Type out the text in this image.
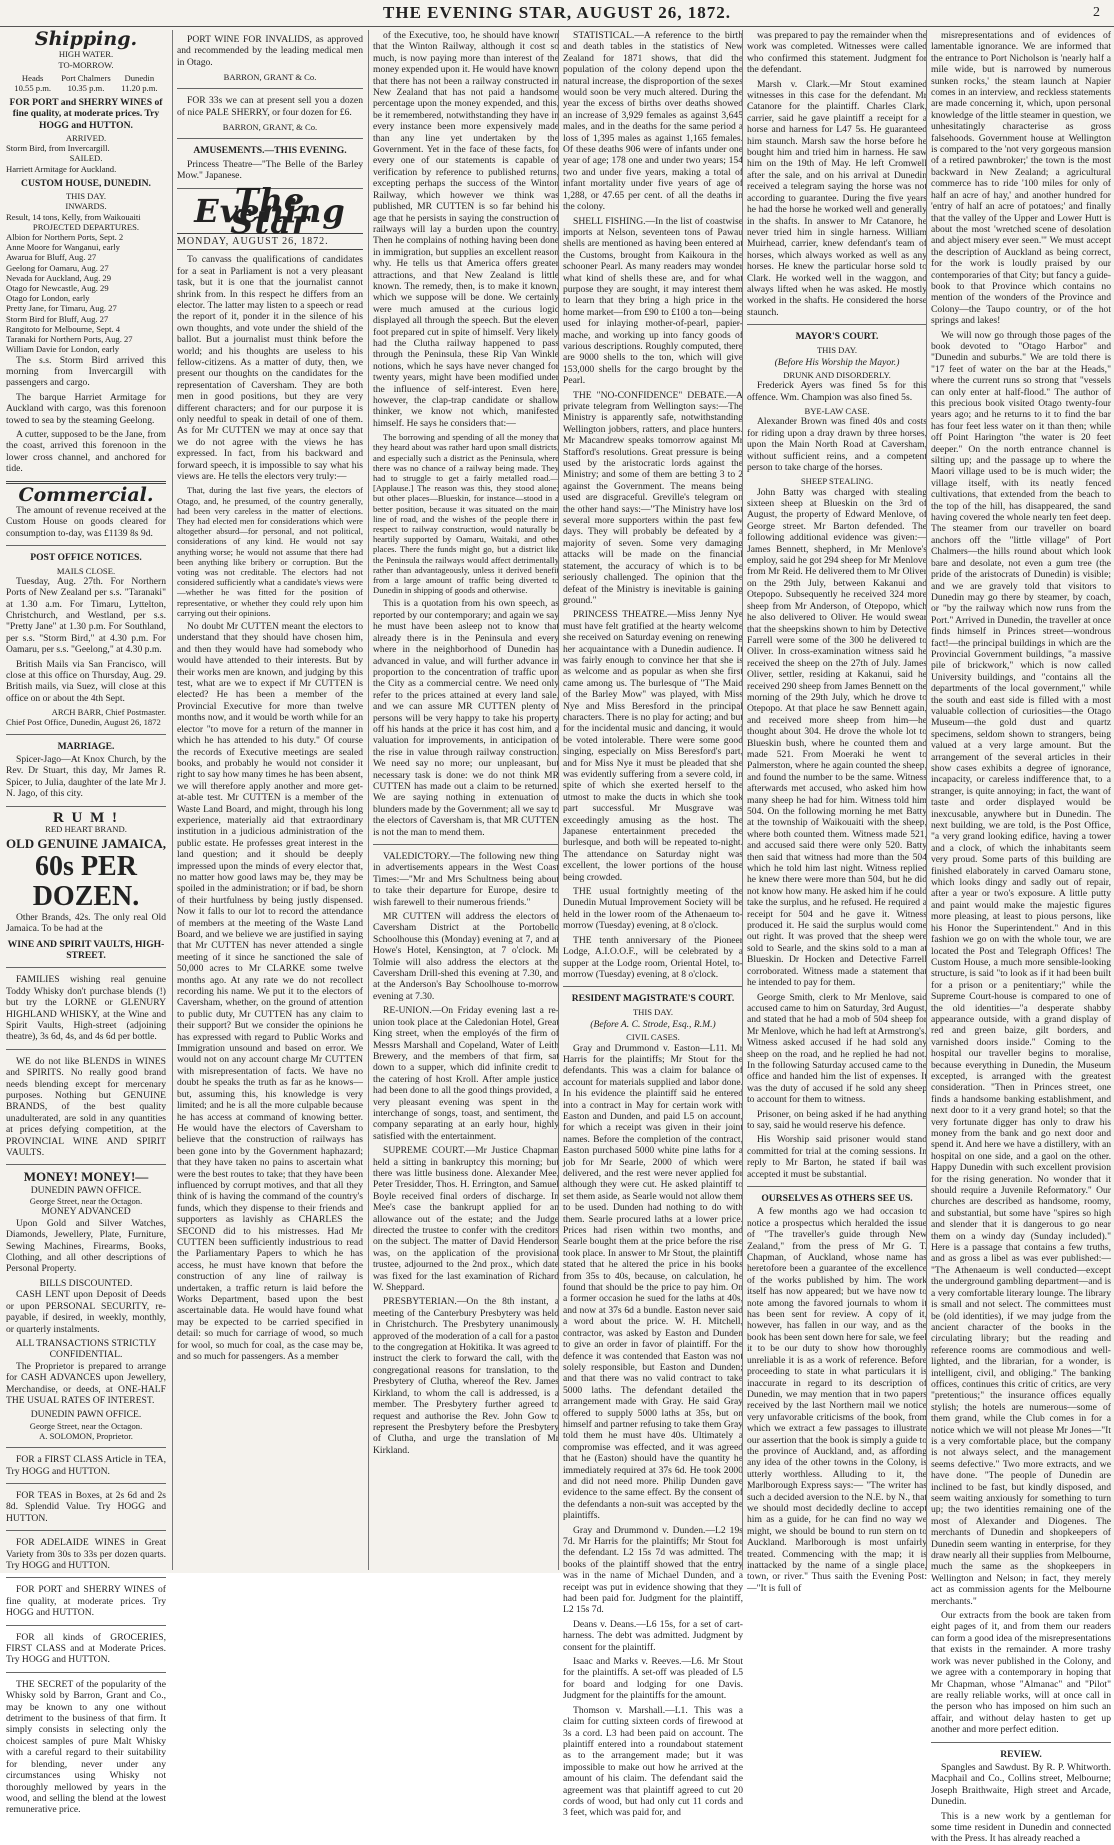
THE EVENING STAR, AUGUST 26, 1872.	2
Shipping.
HIGH WATER.
TO-MORROW.
Heads
10.55 p.m.
Port Chalmers
10.35 p.m.
Dunedin
11.20 p.m.
FOR PORT and SHERRY WINES of fine quality, at moderate prices. Try HOGG and HUTTON.
ARRIVED.
Storm Bird, from Invercargill.
SAILED.
Harriett Armitage for Auckland.
CUSTOM HOUSE, DUNEDIN.
THIS DAY.
INWARDS.
Result, 14 tons, Kelly, from Waikouaiti
PROJECTED DEPARTURES.
Albion for Northern Ports, Sept. 2
Anne Moore for Wanganui, early
Awarua for Bluff, Aug. 27
Geelong for Oamaru, Aug. 27
Nevada for Auckland, Aug. 29
Otago for Newcastle, Aug. 29
Otago for London, early
Pretty Jane, for Timaru, Aug. 27
Storm Bird for Bluff, Aug. 27
Rangitoto for Melbourne, Sept. 4
Taranaki for Northern Ports, Aug. 27
William Davie for London, early

The s.s. Storm Bird arrived this morning from Invercargill with passengers and cargo.

The barque Harriet Armitage for Auckland with cargo, was this forenoon towed to sea by the steaming Geelong.

A cutter, supposed to be the Jane, from the coast, arrived this forenoon in the lower cross channel, and anchored for tide.

Commercial.

The amount of revenue received at the Custom House on goods cleared for consumption to-day, was £1139 8s 9d.

POST OFFICE NOTICES.
MAILS CLOSE.

Tuesday, Aug. 27th. For Northern Ports of New Zealand per s.s. "Taranaki" at 1.30 a.m. For Timaru, Lyttelton, Christchurch, and Westland, per s.s. "Pretty Jane" at 1.30 p.m. For Southland, per s.s. "Storm Bird," at 4.30 p.m. For Oamaru, per s.s. "Geelong," at 4.30 p.m.

British Mails via San Francisco, will close at this office on Thursday, Aug. 29. British mails, via Suez, will close at this office on or about the 4th Sept.

ARCH BARR, Chief Postmaster.
Chief Post Office, Dunedin, August 26, 1872
MARRIAGE.

Spicer-Jago—At Knox Church, by the Rev. Dr Stuart, this day, Mr James R. Spicer, to Julia, daughter of the late Mr J. N. Jago, of this city.

R U M !
RED HEART BRAND.
OLD GENUINE JAMAICA,
60s PER DOZEN.

Other Brands, 42s. The only real Old Jamaica. To be had at the

WINE AND SPIRIT VAULTS, HIGH-STREET.

FAMILIES wishing real genuine Toddy Whisky don't purchase blends (!) but try the LORNE or GLENURY HIGHLAND WHISKY, at the Wine and Spirit Vaults, High-street (adjoining theatre), 3s 6d, 4s, and 4s 6d per bottle.

WE do not like BLENDS in WINES and SPIRITS. No really good brand needs blending except for mercenary purposes. Nothing but GENUINE BRANDS, of the best quality unadulterated, are sold in any quantities at prices defying competition, at the PROVINCIAL WINE AND SPIRIT VAULTS.

MONEY! MONEY!—
DUNEDIN PAWN OFFICE.
George Street, near the Octagon.
MONEY ADVANCED

Upon Gold and Silver Watches, Diamonds, Jewellery, Plate, Furniture, Sewing Machines, Firearms, Books, Clothing, and all other descriptions of Personal Property.

BILLS DISCOUNTED.

CASH LENT upon Deposit of Deeds or upon PERSONAL SECURITY, re-payable, if desired, in weekly, monthly, or quarterly instalments.

ALL TRANSACTIONS STRICTLY CONFIDENTIAL.

The Proprietor is prepared to arrange for CASH ADVANCES upon Jewellery, Merchandise, or deeds, at ONE-HALF THE USUAL RATES OF INTEREST.

DUNEDIN PAWN OFFICE.
George Street, near the Octagon.
A. SOLOMON, Proprietor.

FOR a FIRST CLASS Article in TEA, Try HOGG and HUTTON.

FOR TEAS in Boxes, at 2s 6d and 2s 8d. Splendid Value. Try HOGG and HUTTON.

FOR ADELAIDE WINES in Great Variety from 30s to 33s per dozen quarts. Try HOGG and HUTTON.

FOR PORT and SHERRY WINES of fine quality, at moderate prices. Try HOGG and HUTTON.

FOR all kinds of GROCERIES, FIRST CLASS and at Moderate Prices. Try HOGG and HUTTON.

THE SECRET of the popularity of the Whisky sold by Barron, Grant and Co., may be known to any one without detriment to the business of that firm. It simply consists in selecting only the choicest samples of pure Malt Whisky with a careful regard to their suitability for blending, never under any circumstances using Whisky not thoroughly mellowed by years in the wood, and selling the blend at the lowest remunerative price.

PORT WINE FOR INVALIDS, as approved and recommended by the leading medical men in Otago.

BARRON, GRANT & Co.

FOR 33s we can at present sell you a dozen of nice PALE SHERRY, or four dozen for £6.

BARRON, GRANT, & Co.
AMUSEMENTS.—THIS EVENING.

Princess Theatre—"The Belle of the Barley Mow." Japanese.

The Evening Star
MONDAY, AUGUST 26, 1872.

To canvass the qualifications of candidates for a seat in Parliament is not a very pleasant task, but it is one that the journalist cannot shrink from. In this respect he differs from an elector. The latter may listen to a speech or read the report of it, ponder it in the silence of his own thoughts, and vote under the shield of the ballot. But a journalist must think before the world; and his thoughts are useless to his fellow-citizens. As a matter of duty, then, we present our thoughts on the candidates for the representation of Caversham. They are both men in good positions, but they are very different characters; and for our purpose it is only needful to speak in detail of one of them. As for Mr CUTTEN we may at once say that we do not agree with the views he has expressed. In fact, from his backward and forward speech, it is impossible to say what his views are. He tells the electors very truly:—

That, during the last five years, the electors of Otago, and, he presumed, of the country generally, had been very careless in the matter of elections. They had elected men for considerations which were altogether absurd—for personal, and not political, considerations of any kind. He would not say anything worse; he would not assume that there had been anything like bribery or corruption. But the voting was not creditable. The electors had not considered sufficiently what a candidate's views were—whether he was fitted for the position of representative, or whether they could rely upon him carrying out their opinions.

No doubt Mr CUTTEN meant the electors to understand that they should have chosen him, and then they would have had somebody who would have attended to their interests. But by their works men are known, and judging by this test, what are we to expect if Mr CUTTEN is elected? He has been a member of the Provincial Executive for more than twelve months now, and it would be worth while for an elector "to move for a return of the manner in which he has attended to his duty." Of course the records of Executive meetings are sealed books, and probably he would not consider it right to say how many times he has been absent, we will therefore apply another and more get-at-able test. Mr CUTTEN is a member of the Waste Land Board, and might, through his long experience, materially aid that extraordinary institution in a judicious administration of the public estate. He professes great interest in the land question; and it should be deeply impressed upon the minds of every elector that, no matter how good laws may be, they may be spoiled in the administration; or if bad, be shorn of their hurtfulness by being justly dispensed. Now it falls to our lot to record the attendance of members at the meeting of the Waste Land Board, and we believe we are justified in saying that Mr CUTTEN has never attended a single meeting of it since he sanctioned the sale of 50,000 acres to Mr CLARKE some twelve months ago. At any rate we do not recollect recording his name. We put it to the electors of Caversham, whether, on the ground of attention to public duty, Mr CUTTEN has any claim to their support? But we consider the opinions he has expressed with regard to Public Works and Immigration unsound and based on error. We would not on any account charge Mr CUTTEN with misrepresentation of facts. We have no doubt he speaks the truth as far as he knows—but, assuming this, his knowledge is very limited; and he is all the more culpable because he has access at command of knowing better. He would have the electors of Caversham to believe that the construction of railways has been gone into by the Government haphazard; that they have taken no pains to ascertain what were the best routes to take; that they have been influenced by corrupt motives, and that all they think of is having the command of the country's funds, which they dispense to their friends and supporters as lavishly as CHARLES the SECOND did to his mistresses. Had Mr CUTTEN been sufficiently industrious to read the Parliamentary Papers to which he has access, he must have known that before the construction of any line of railway is undertaken, a traffic return is laid before the Works Department, based upon the best ascertainable data. He would have found what may be expected to be carried specified in detail: so much for carriage of wood, so much for wool, so much for coal, as the case may be, and so much for passengers. As a member

of the Executive, too, he should have known that the Winton Railway, although it cost so much, is now paying more than interest of the money expended upon it. He would have known that there has not been a railway constructed in New Zealand that has not paid a handsome percentage upon the money expended, and this, be it remembered, notwithstanding they have in every instance been more expensively made than any line yet undertaken by the Government. Yet in the face of these facts, for every one of our statements is capable of verification by reference to published returns, excepting perhaps the success of the Winton Railway, which however we think was published, MR CUTTEN is so far behind his age that he persists in saying the construction of railways will lay a burden upon the country. Then he complains of nothing having been done in immigration, but supplies an excellent reason why. He tells us that America offers greater attractions, and that New Zealand is little known. The remedy, then, is to make it known, which we suppose will be done. We certainly were much amused at the curious logic displayed all through the speech. But the eleven foot prepared cut in spite of himself. Very likely had the Clutha railway happened to pass through the Peninsula, these Rip Van Winkle notions, which he says have never changed for twenty years, might have been modified under the influence of self-interest. Even here, however, the clap-trap candidate or shallow thinker, we know not which, manifested himself. He says he considers that:—

The borrowing and spending of all the money that they heard about was rather hard upon small districts, and especially such a district as the Peninsula, where there was no chance of a railway being made. They had to struggle to get a fairly metalled road.—[Applause.] The reason was this, they stood alone; but other places—Blueskin, for instance—stood in a better position, because it was situated on the main line of road, and the wishes of the people there in respect to railway construction, would naturally be heartily supported by Oamaru, Waitaki, and other places. There the funds might go, but a district like the Peninsula the railways would affect detrimentally rather than advantageously, unless it derived benefit from a large amount of traffic being diverted to Dunedin in shipping of goods and otherwise.

This is a quotation from his own speech, as reported by our contemporary; and again we say he must have been asleep not to know that already there is in the Peninsula and every where in the neighborhood of Dunedin has advanced in value, and will further advance in proportion to the concentration of traffic upon the City as a commercial centre. We need only refer to the prices attained at every land sale, and we can assure MR CUTTEN plenty of persons will be very happy to take his property off his hands at the price it has cost him, and a valuation for improvements, in anticipation of the rise in value through railway construction. We need say no more; our unpleasant, but necessary task is done: we do not think MR CUTTEN has made out a claim to be returned. We are saying nothing in extenuation of blunders made by the Government; all we say to the electors of Caversham is, that MR CUTTEN is not the man to mend them.

VALEDICTORY.—The following new thing in advertisements appears in the West Coast Times:—"Mr and Mrs Schultness being about to take their departure for Europe, desire to wish farewell to their numerous friends."

MR CUTTEN will address the electors of Caversham District at the Portobello Schoolhouse this (Monday) evening at 7, and at Howe's Hotel, Kensington, at 7 o'clock. Mr Tolmie will also address the electors at the Caversham Drill-shed this evening at 7.30, and at the Anderson's Bay Schoolhouse to-morrow evening at 7.30.

RE-UNION.—On Friday evening last a re-union took place at the Caledonian Hotel, Great King street, when the employés of the firm of Messrs Marshall and Copeland, Water of Leith Brewery, and the members of that firm, sat down to a supper, which did infinite credit to the catering of host Kroll. After ample justice had been done to all the good things provided, a very pleasant evening was spent in the interchange of songs, toast, and sentiment, the company separating at an early hour, highly satisfied with the entertainment.

SUPREME COURT.—Mr Justice Chapman held a sitting in bankruptcy this morning; but there was little business done. Alexander Mee, Peter Tresidder, Thos. H. Errington, and Samuel Boyle received final orders of discharge. In Mee's case the bankrupt applied for an allowance out of the estate; and the Judge directed the trustee to confer with the creditors on the subject. The matter of David Henderson was, on the application of the provisional trustee, adjourned to the 2nd prox., which date was fixed for the last examination of Richard W. Sheppard.

PRESBYTERIAN.—On the 8th instant, a meeting of the Canterbury Presbytery was held in Christchurch. The Presbytery unanimously approved of the moderation of a call for a pastor to the congregation at Hokitika. It was agreed to instruct the clerk to forward the call, with the congregational reasons for translation, to the Presbytery of Clutha, whereof the Rev. James Kirkland, to whom the call is addressed, is a member. The Presbytery further agreed to request and authorise the Rev. John Gow to represent the Presbytery before the Presbytery of Clutha, and urge the translation of Mr Kirkland.

STATISTICAL.—A reference to the birth and death tables in the statistics of New Zealand for 1871 shows, that did the population of the colony depend upon the natural increase, the disproportion of the sexes would soon be very much altered. During the year the excess of births over deaths showed an increase of 3,929 females as against 3,645 males, and in the deaths for the same period a loss of 1,395 males as against 1,165 females. Of these deaths 906 were of infants under one year of age; 178 one and under two years; 154 two and under five years, making a total of infant mortality under five years of age of 1,288, or 47.65 per cent. of all the deaths in the colony.

SHELL FISHING.—In the list of coastwise imports at Nelson, seventeen tons of Pawau shells are mentioned as having been entered at the Customs, brought from Kaikoura in the schooner Pearl. As many readers may wonder what kind of shells these are, and for what purpose they are sought, it may interest them to learn that they bring a high price in the home market—from £90 to £100 a ton—being used for inlaying mother-of-pearl, papier-mache, and working up into fancy goods of various descriptions. Roughly computed, there are 9000 shells to the ton, which will give 153,000 shells for the cargo brought by the Pearl.

THE "NO-CONFIDENCE" DEBATE.—A private telegram from Wellington says:—The Ministry is apparently safe, notwithstanding Wellington jobbers, ratters, and place hunters. Mr Macandrew speaks tomorrow against Mr Stafford's resolutions. Great pressure is being used by the aristocratic lords against the Ministry; and some of them are betting 3 to 2 against the Government. The means being used are disgraceful. Greville's telegram on the other hand says:—"The Ministry have lost several more supporters within the past few days. They will probably be defeated by a majority of seven. Some very damaging attacks will be made on the financial statement, the accuracy of which is to be seriously challenged. The opinion that the defeat of the Ministry is inevitable is gaining ground."

PRINCESS THEATRE.—Miss Jenny Nye must have felt gratified at the hearty welcome she received on Saturday evening on renewing her acquaintance with a Dunedin audience. It was fairly enough to convince her that she is as welcome and as popular as when she first came among us. The burlesque of "The Maid of the Barley Mow" was played, with Miss Nye and Miss Beresford in the principal characters. There is no play for acting; and but for the incidental music and dancing, it would be voted intolerable. There were some good singing, especially on Miss Beresford's part, and for Miss Nye it must be pleaded that she was evidently suffering from a severe cold, in spite of which she exerted herself to the utmost to make the ducts in which she took part successful. Mr Musgrave was exceedingly amusing as the host. The Japanese entertainment preceded the burlesque, and both will be repeated to-night. The attendance on Saturday night was excellent, the lower portions of the house being crowded.

THE usual fortnightly meeting of the Dunedin Mutual Improvement Society will be held in the lower room of the Athenaeum to-morrow (Tuesday) evening, at 8 o'clock.

THE tenth anniversary of the Pioneer Lodge, A.I.O.O.F., will be celebrated by a supper at the Lodge room, Oriental Hotel, to-morrow (Tuesday) evening, at 8 o'clock.

RESIDENT MAGISTRATE'S COURT.
THIS DAY.
(Before A. C. Strode, Esq., R.M.)
CIVIL CASES.

Gray and Drummond v. Easton—L11. Mr Harris for the plaintiffs; Mr Stout for the defendants. This was a claim for balance of account for materials supplied and labor done. In his evidence the plaintiff said he entered into a contract in May for certain work with Easton and Dunden, and paid L5 on account, for which a receipt was given in their joint names. Before the completion of the contract, Easton purchased 5000 white pine laths for a job for Mr Searle, 2000 of which were delivered, and the rest were never applied for although they were cut. He asked plaintiff to set them aside, as Searle would not allow them to be used. Dunden had nothing to do with them. Searle procured laths at a lower price. Prices had risen within two months, and Searle bought them at the price before the rise took place. In answer to Mr Stout, the plaintiff stated that he altered the price in his books from 35s to 40s, because, on calculation, he found that should be the price to pay him. On a former occasion he sued for the laths at 40s, and now at 37s 6d a bundle. Easton never said a word about the price. W. H. Mitchell, contractor, was asked by Easton and Dunden to give an order in favor of plaintiff. For the defence it was contended that Easton was not solely responsible, but Easton and Dunden; and that there was no valid contract to take 5000 laths. The defendant detailed the arrangement made with Gray. He said Gray offered to supply 5000 laths at 35s, but on himself and partner refusing to take them Gray told them he must have 40s. Ultimately a compromise was effected, and it was agreed that he (Easton) should have the quantity he immediately required at 37s 6d. He took 2000 and did not need more. Philip Dunden gave evidence to the same effect. By the consent of the defendants a non-suit was accepted by the plaintiffs.

Gray and Drummond v. Dunden.—L2 19s 7d. Mr Harris for the plaintiffs; Mr Stout for the defendant. L2 15s 7d was admitted. The books of the plaintiff showed that the entry was in the name of Michael Dunden, and a receipt was put in evidence showing that they had been paid for. Judgment for the plaintiff, L2 15s 7d.

Deans v. Deans.—L6 15s, for a set of cart-harness. The debt was admitted. Judgment by consent for the plaintiff.

Isaac and Marks v. Reeves.—L6. Mr Stout for the plaintiffs. A set-off was pleaded of L5 for board and lodging for one Davis. Judgment for the plaintiffs for the amount.

Thomson v. Marshall.—L1. This was a claim for cutting sixteen cords of firewood at 3s a cord. L3 had been paid on account. The plaintiff entered into a roundabout statement as to the arrangement made; but it was impossible to make out how he arrived at the amount of his claim. The defendant said the agreement was that plaintiff agreed to cut 20 cords of wood, but had only cut 11 cords and 3 feet, which was paid for, and

was prepared to pay the remainder when the work was completed. Witnesses were called who confirmed this statement. Judgment for the defendant.

Marsh v. Clark.—Mr Stout examined witnesses in this case for the defendant. Mr Catanore for the plaintiff. Charles Clark, carrier, said he gave plaintiff a receipt for a horse and harness for L47 5s. He guaranteed him staunch. Marsh saw the horse before he bought him and tried him in harness. He saw him on the 19th of May. He left Cromwell after the sale, and on his arrival at Dunedin received a telegram saying the horse was not according to guarantee. During the five years he had the horse he worked well and generally in the shafts. In answer to Mr Catanore, he never tried him in single harness. William Muirhead, carrier, knew defendant's team of horses, which always worked as well as any horses. He knew the particular horse sold to Clark. He worked well in the waggon, and always lifted when he was asked. He mostly worked in the shafts. He considered the horse staunch.

MAYOR'S COURT.
THIS DAY.
(Before His Worship the Mayor.)
DRUNK AND DISORDERLY.

Frederick Ayers was fined 5s for this offence. Wm. Champion was also fined 5s.

BYE-LAW CASE.

Alexander Brown was fined 40s and costs for riding upon a dray drawn by three horses, upon the Main North Road at Caversham, without sufficient reins, and a competent person to take charge of the horses.

SHEEP STEALING.

John Batty was charged with stealing sixteen sheep at Blueskin on the 3rd of August, the property of Edward Menlove, of George street. Mr Barton defended. The following additional evidence was given:— James Bennett, shepherd, in Mr Menlove's employ, said he got 294 sheep for Mr Menlove from Mr Reid. He delivered them to Mr Oliver on the 29th July, between Kakanui and Otepopo. Subsequently he received 324 more sheep from Mr Anderson, of Otepopo, which he also delivered to Oliver. He would swear that the sheepskins shown to him by Detective Farrell were some of the 300 he delivered to Oliver. In cross-examination witness said he received the sheep on the 27th of July. James Oliver, settler, residing at Kakanui, said he received 290 sheep from James Bennett on the morning of the 29th July, which he drove to Otepopo. At that place he saw Bennett again, and received more sheep from him—he thought about 304. He drove the whole lot to Blueskin bush, where he counted them and made 521. From Moeraki he went to Palmerston, where he again counted the sheep, and found the number to be the same. Witness afterwards met accused, who asked him how many sheep he had for him. Witness told him 504. On the following morning he met Batty at the township of Waikouaiti with the sheep, where both counted them. Witness made 521, and accused said there were only 520. Batty then said that witness had more than the 504 which he told him last night. Witness replied he knew there were more than 504, but he did not know how many. He asked him if he could take the surplus, and he refused. He required a receipt for 504 and he gave it. Witness produced it. He said the surplus would come out right. It was proved that the sheep were sold to Searle, and the skins sold to a man at Blueskin. Dr Hocken and Detective Farrell corroborated. Witness made a statement that he intended to pay for them.

George Smith, clerk to Mr Menlove, said accused came to him on Saturday, 3rd August, and stated that he had a mob of 504 sheep for Mr Menlove, which he had left at Armstrong's. Witness asked accused if he had sold any sheep on the road, and he replied he had not. In the following Saturday accused came to the office and handed him the list of expenses. It was the duty of accused if he sold any sheep to account for them to witness.

Prisoner, on being asked if he had anything to say, said he would reserve his defence.

His Worship said prisoner would stand committed for trial at the coming sessions. In reply to Mr Barton, he stated if bail was accepted it must be substantial.

OURSELVES AS OTHERS SEE US.

A few months ago we had occasion to notice a prospectus which heralded the issue of "The traveller's guide through New Zealand," from the press of Mr G. T. Chapman, of Auckland, whose name has heretofore been a guarantee of the excellence of the works published by him. The work itself has now appeared; but we have now to note among the favored journals to whom it has been sent for review. A copy of it, however, has fallen in our way, and as the book has been sent down here for sale, we feel it to be our duty to show how thoroughly unreliable it is as a work of reference. Before proceeding to state in what particulars it is inaccurate in regard to its description of Dunedin, we may mention that in two papers received by the last Northern mail we notice very unfavorable criticisms of the book, from which we extract a few passages to illustrate our assertion that the book is simply a guide to the province of Auckland, and, as affording any idea of the other towns in the Colony, is utterly worthless. Alluding to it, the Marlborough Express says:— "The writer has such a decided aversion to the N.E. by N., that we should most decidedly decline to accept him as a guide, for he can find no way we might, we should be bound to run stern on to Auckland. Marlborough is most unfairly treated. Commencing with the map; it is inattacked by the name of a single place, town, or river." Thus saith the Evening Post:—"It is full of

misrepresentations and of evidences of lamentable ignorance. We are informed that the entrance to Port Nicholson is 'nearly half a mile wide, but is narrowed by numerous sunken rocks,' the steam launch at Napier comes in an interview, and reckless statements are made concerning it, which, upon personal knowledge of the little steamer in question, we unhesitatingly characterise as gross falsehoods. Government house at Wellington is compared to the 'not very gorgeous mansion of a retired pawnbroker;' the town is the most backward in New Zealand; a agricultural commerce has to ride '100 miles for only of half an acre of hay,' and another hundred for 'entry of half an acre of potatoes;' and finally that the valley of the Upper and Lower Hutt is about the most 'wretched scene of desolation and abject misery ever seen.'" We must accept the description of Auckland as being correct, for the work is loudly praised by our contemporaries of that City; but fancy a guide-book to that Province which contains no mention of the wonders of the Province and Colony—the Taupo country, or of the hot springs and lakes!

We will now go through those pages of the book devoted to "Otago Harbor" and "Dunedin and suburbs." We are told there is "17 feet of water on the bar at the Heads," where the current runs so strong that "vessels can only enter at half-flood." The author of this precious book visited Otago twenty-four years ago; and he returns to it to find the bar has four feet less water on it than then; while off Point Harington "the water is 20 feet deeper." On the north entrance channel is silting up; and the passage up to where the Maori village used to be is much wider; the village itself, with its neatly fenced cultivations, that extended from the beach to the top of the hill, has disappeared, the sand having covered the whole nearly ten feet deep. The steamer from our traveller on board anchors off the "little village" of Port Chalmers—the hills round about which look bare and desolate, not even a gum tree (the pride of the aristocrats of Dunedin) is visible; and we are gravely told that visitors to Dunedin may go there by steamer, by coach, or "by the railway which now runs from the Port." Arrived in Dunedin, the traveller at once finds himself in Princes street—wondrous fact!—the principal buildings in which are the Provincial Government buildings, "a massive pile of brickwork," which is now called University buildings, and "contains all the departments of the local government," while the south and east side is filled with a most valuable collection of curiosities—the Otago Museum—the gold dust and quartz specimens, seldom shown to strangers, being valued at a very large amount. But the arrangement of the several articles in their show cases exhibits a degree of ignorance, incapacity, or careless indifference that, to a stranger, is quite annoying; in fact, the want of taste and order displayed would be inexcusable, anywhere but in Dunedin. The next building, we are told, is the Post Office, "a very grand looking edifice, having a tower and a clock, of which the inhabitants seem very proud. Some parts of this building are finished elaborately in carved Oamaru stone, which looks dingy and sadly out of repair, after a year or two's exposure. A little putty and paint would make the majestic figures more pleasing, at least to pious persons, like his Honor the Superintendent." And in this fashion we go on with the whole tour, we are located the Post and Telegraph Offices! The Custom House, a much more sensible-looking structure, is said "to look as if it had been built for a prison or a penitentiary;" while the Supreme Court-house is compared to one of the old identities—"a desperate shabby appearance outside, with a grand display of red and green baize, gilt borders, and varnished doors inside." Coming to the hospital our traveller begins to moralise, because everything in Dunedin, the Museum excepted, is arranged with the greatest consideration. "Then in Princes street, one finds a handsome banking establishment, and next door to it a very grand hotel; so that the very fortunate digger has only to draw his money from the bank and go next door and spend it. And here we have a distillery, with an hospital on one side, and a gaol on the other. Happy Dunedin with such excellent provision for the rising generation. No wonder that it should require a Juvenile Reformatory." Our churches are described as handsome, roomy, and substantial, but some have "spires so high and slender that it is dangerous to go near them on a windy day (Sunday included)." Here is a passage that contains a few truths, and as gross a libel as was ever published:— "The Athenaeum is well conducted—except the underground gambling department—and is a very comfortable literary lounge. The library is small and not select. The committees must be (old identities), if we may judge from the ancient character of the books in the circulating library; but the reading and reference rooms are commodious and well-lighted, and the librarian, for a wonder, is intelligent, civil, and obliging." The banking offices, continues this critic of critics, are very "pretentious;" the insurance offices equally stylish; the hotels are numerous—some of them grand, while the Club comes in for a notice which we will not please Mr Jones—"It is a very comfortable place, but the company is not always select, and the management seems defective." Two more extracts, and we have done. "The people of Dunedin are inclined to be fast, but kindly disposed, and seem waiting anxiously for something to turn up; the two identities remaining one of the most of Alexander and Diogenes. The merchants of Dunedin and shopkeepers of Dunedin seem wanting in enterprise, for they draw nearly all their supplies from Melbourne, much the same as the shopkeepers in Wellington and Nelson; in fact, they merely act as commission agents for the Melbourne merchants."

Our extracts from the book are taken from eight pages of it, and from them our readers can form a good idea of the misrepresentations that exists in the remainder. A more trashy work was never published in the Colony, and we agree with a contemporary in hoping that Mr Chapman, whose "Almanac" and "Pilot" are really reliable works, will at once call in the person who has imposed on him such an affair, and without delay hasten to get up another and more perfect edition.

REVIEW.

Spangles and Sawdust. By R. P. Whitworth. Macphail and Co., Collins street, Melbourne; Joseph Braithwaite, High street and Arcade, Dunedin.

This is a new work by a gentleman for some time resident in Dunedin and connected with the Press. It has already reached a
